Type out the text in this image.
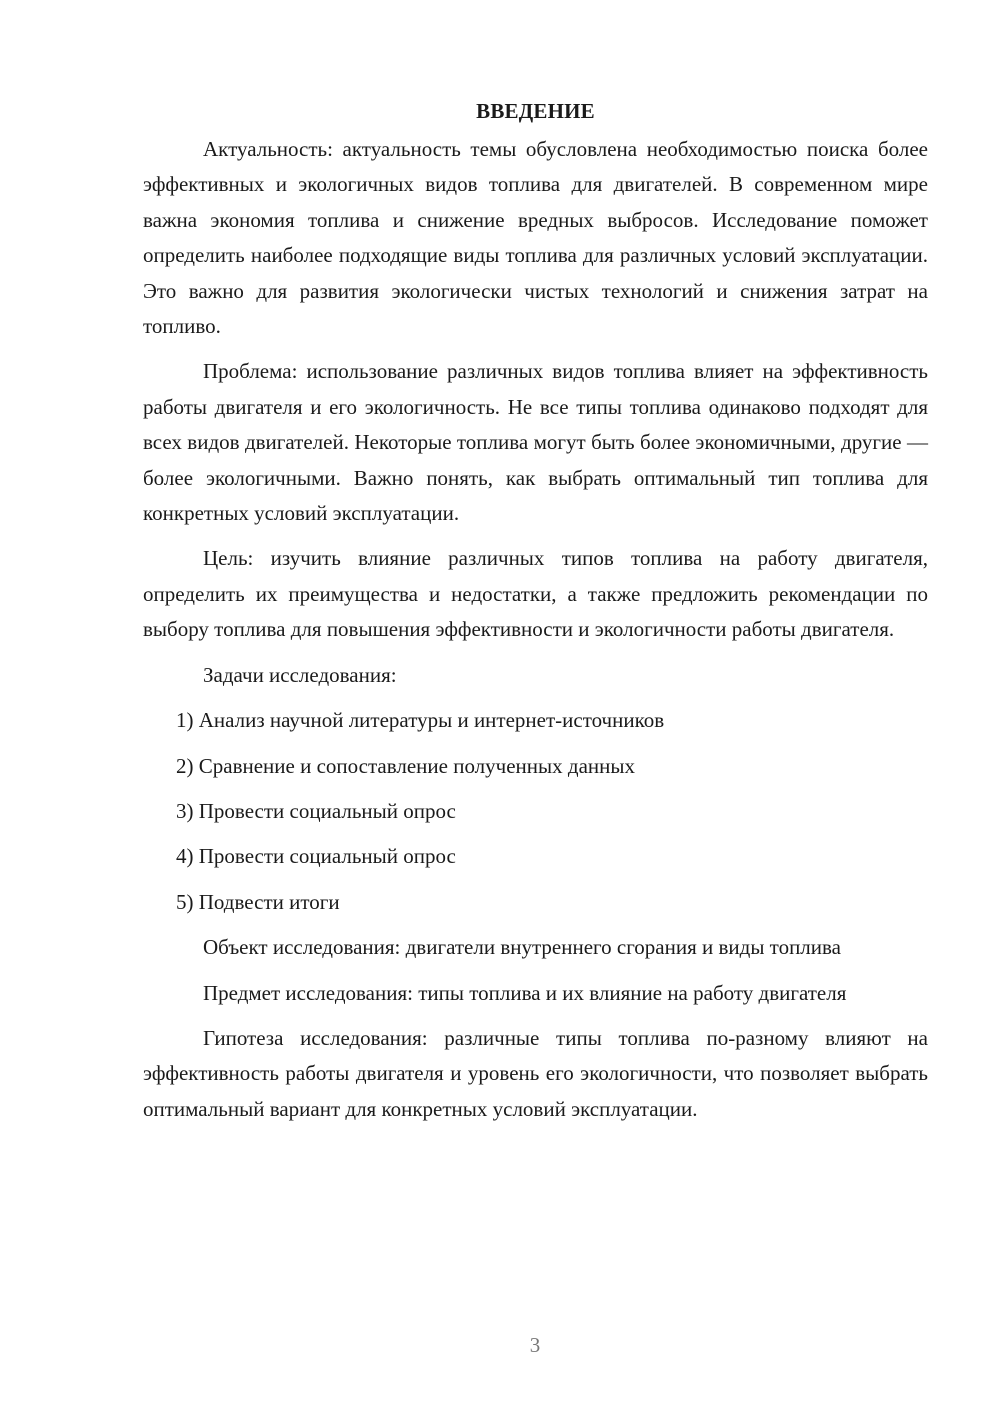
ВВЕДЕНИЕ

Актуальность: актуальность темы обусловлена необходимостью поиска более эффективных и экологичных видов топлива для двигателей. В современном мире важна экономия топлива и снижение вредных выбросов. Исследование поможет определить наиболее подходящие виды топлива для различных условий эксплуатации. Это важно для развития экологически чистых технологий и снижения затрат на топливо.

Проблема: использование различных видов топлива влияет на эффективность работы двигателя и его экологичность. Не все типы топлива одинаково подходят для всех видов двигателей. Некоторые топлива могут быть более экономичными, другие — более экологичными. Важно понять, как выбрать оптимальный тип топлива для конкретных условий эксплуатации.

Цель: изучить влияние различных типов топлива на работу двигателя, определить их преимущества и недостатки, а также предложить рекомендации по выбору топлива для повышения эффективности и экологичности работы двигателя.

Задачи исследования:

1) Анализ научной литературы и интернет-источников
2) Сравнение и сопоставление полученных данных
3) Провести социальный опрос
4) Провести социальный опрос
5) Подвести итоги

Объект исследования: двигатели внутреннего сгорания и виды топлива

Предмет исследования: типы топлива и их влияние на работу двигателя

Гипотеза исследования: различные типы топлива по-разному влияют на эффективность работы двигателя и уровень его экологичности, что позволяет выбрать оптимальный вариант для конкретных условий эксплуатации.

3
